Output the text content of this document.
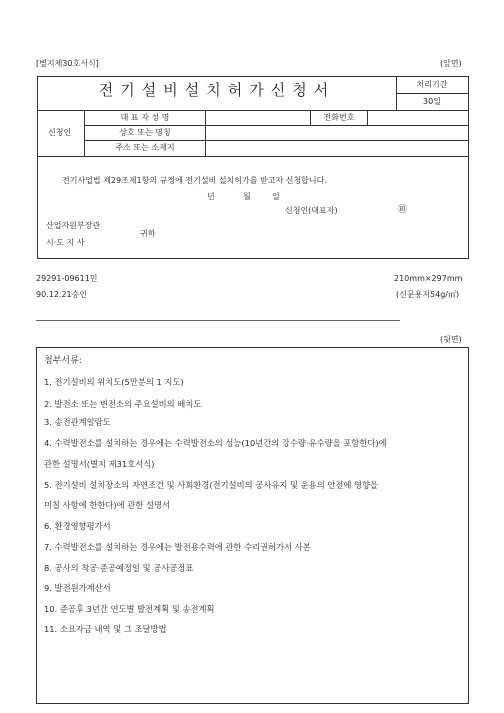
[별지제30호서식]	(앞면)
전기설비설치허가신청서	처리기간
30일
신청인
대 표 자 성 명	전화번호
상호 또는 명칭
주소 또는 소재지
전기사업법 제29조제1항의 규정에 전기설비 설치허가를 받고자 신청합니다.
년	월	일
신청인(대표자)	㊞
산업자원부장관
시·도 지 사
귀하
29291-09611민
90.12.21승인
210mm×297mm
(신문용지54g/㎡)
(뒷면)
첨부서류:
1. 전기설비의 위치도(5만분의 1 지도)
2. 발전소 또는 변전소의 주요설비의 배치도
3. 송전관계일람도
4. 수력발전소를 설치하는 경우에는 수력발전소의 성능(10년간의 강수량·유수량을 포함한다)에
관한 설명서(별지 제31호서식)
5. 전기설비 설치장소의 자연조건 및 사회환경(전기설비의 공사유지 및 운용의 안전에 영향을
미칠 사항에 한한다)에 관한 설명서
6. 환경영향평가서
7. 수력발전소를 설치하는 경우에는 발전용수력에 관한 수리권허가서 사본
8. 공사의 착공·준공예정일 및 공사공정표
9. 발전원가계산서
10. 준공후 3년간 연도별 발전계획 및 송전계획
11. 소요자금 내역 및 그 조달방법
